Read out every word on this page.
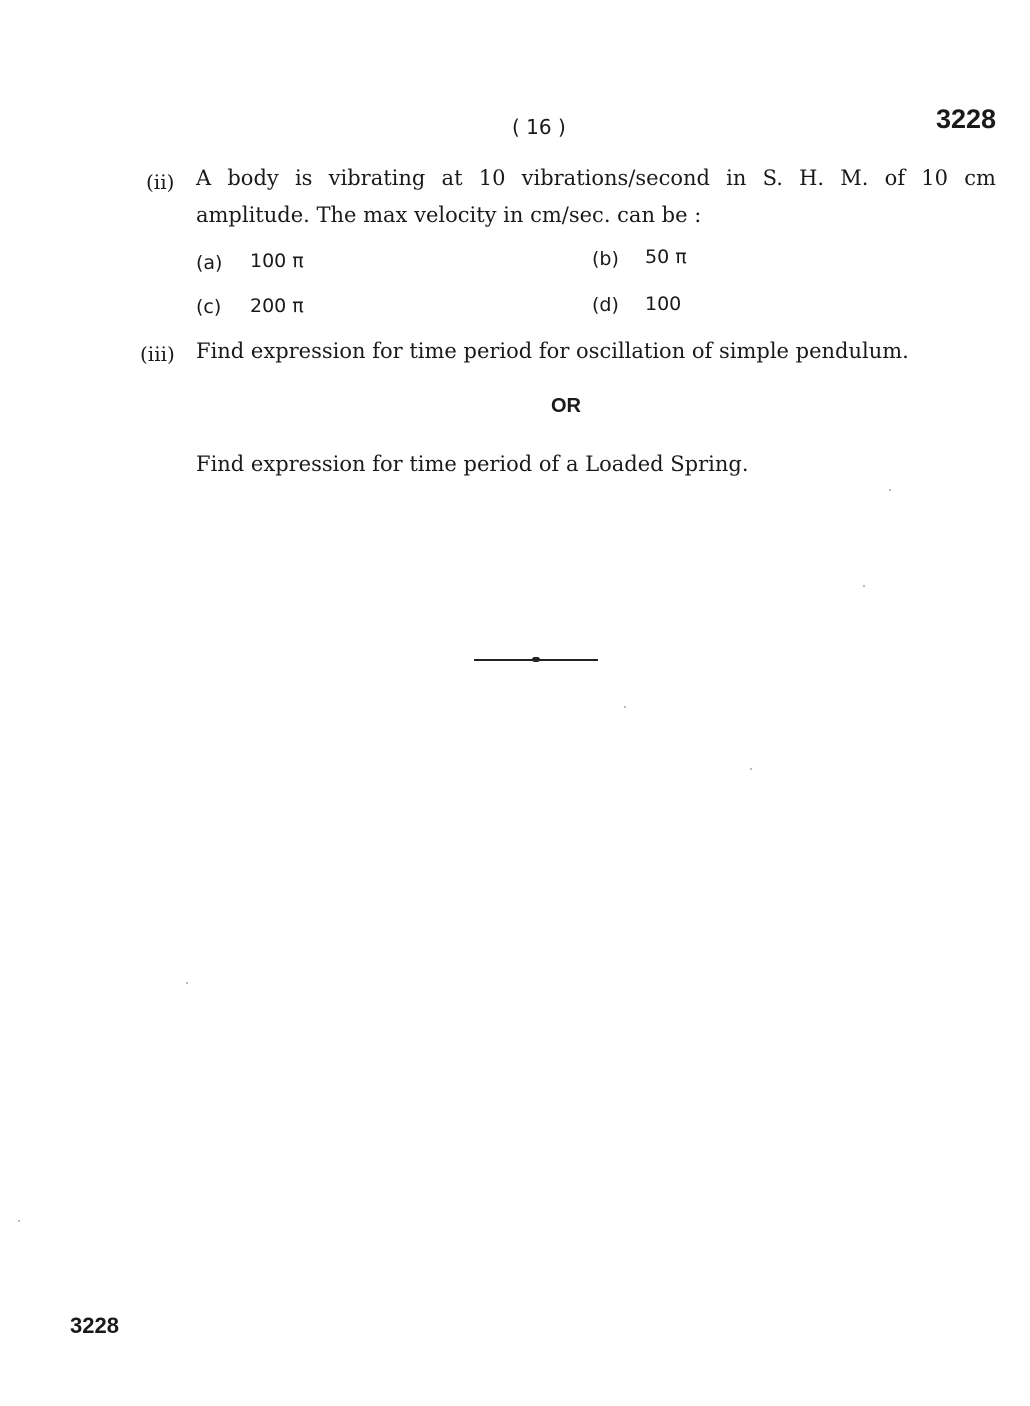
( 16 )	3228
(ii) A body is vibrating at 10 vibrations/second in S. H. M. of 10 cm
amplitude. The max velocity in cm/sec. can be :
(a) 100 π	(b) 50 π
(c) 200 π	(d) 100
(iii) Find expression for time period for oscillation of simple pendulum.
OR
Find expression for time period of a Loaded Spring.
3228
